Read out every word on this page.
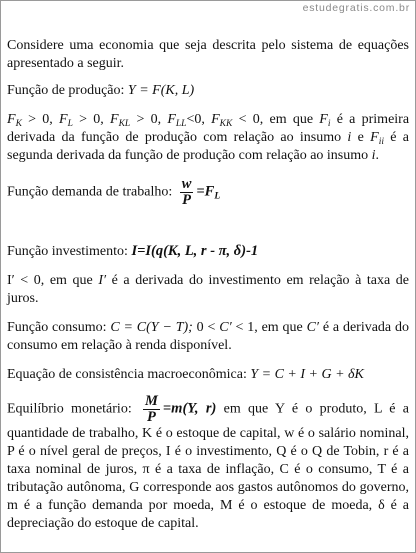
estudegratis.com.br

Considere uma economia que seja descrita pelo sistema de equações apresentado a seguir.

Função de produção: Y = F(K, L)

$F_K > 0$, $F_L > 0$, $F_{KL} > 0$, $F_{LL}<0$, $F_{KK} < 0$, em que $F_i$ é a primeira derivada da função de produção com relação ao insumo i e $F_{ii}$ é a segunda derivada da função de produção com relação ao insumo i.

Função demanda de trabalho: $\frac{w}{P} =F_L$

Função investimento: I=I(q(K, L, r - π, δ)-1

I′ < 0, em que I′ é a derivada do investimento em relação à taxa de juros.

Função consumo: C = C(Y − T); 0 < C′ < 1, em que C′ é a derivada do consumo em relação à renda disponível.

Equação de consistência macroeconômica: Y = C + I + G + δK

Equilíbrio monetário: $\frac{M}{P} =m(Y$, r) em que Y é o produto, L é a quantidade de trabalho, K é o estoque de capital, w é o salário nominal, P é o nível geral de preços, I é o investimento, Q é o Q de Tobin, r é a taxa nominal de juros, π é a taxa de inflação, C é o consumo, T é a tributação autônoma, G corresponde aos gastos autônomos do governo, m é a função demanda por moeda, M é o estoque de moeda, δ é a depreciação do estoque de capital.
